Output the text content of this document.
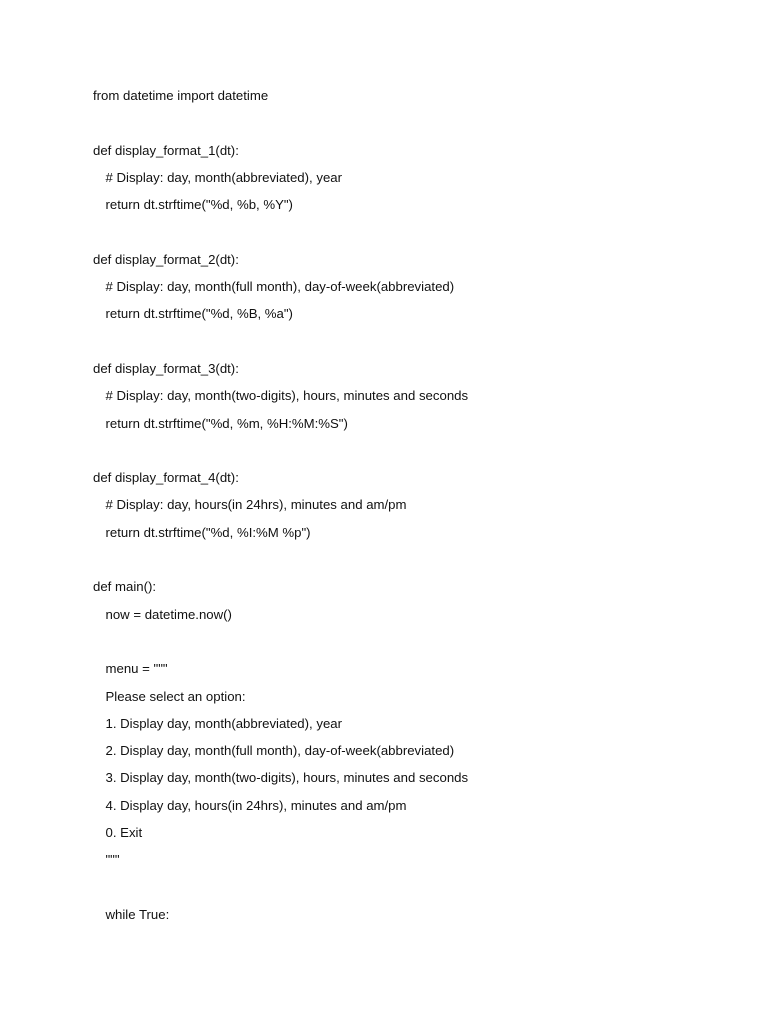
from datetime import datetime
def display_format_1(dt):
# Display: day, month(abbreviated), year
return dt.strftime("%d, %b, %Y")
def display_format_2(dt):
# Display: day, month(full month), day-of-week(abbreviated)
return dt.strftime("%d, %B, %a")
def display_format_3(dt):
# Display: day, month(two-digits), hours, minutes and seconds
return dt.strftime("%d, %m, %H:%M:%S")
def display_format_4(dt):
# Display: day, hours(in 24hrs), minutes and am/pm
return dt.strftime("%d, %I:%M %p")
def main():
now = datetime.now()
menu = """
Please select an option:
1. Display day, month(abbreviated), year
2. Display day, month(full month), day-of-week(abbreviated)
3. Display day, month(two-digits), hours, minutes and seconds
4. Display day, hours(in 24hrs), minutes and am/pm
0. Exit
"""
while True:
